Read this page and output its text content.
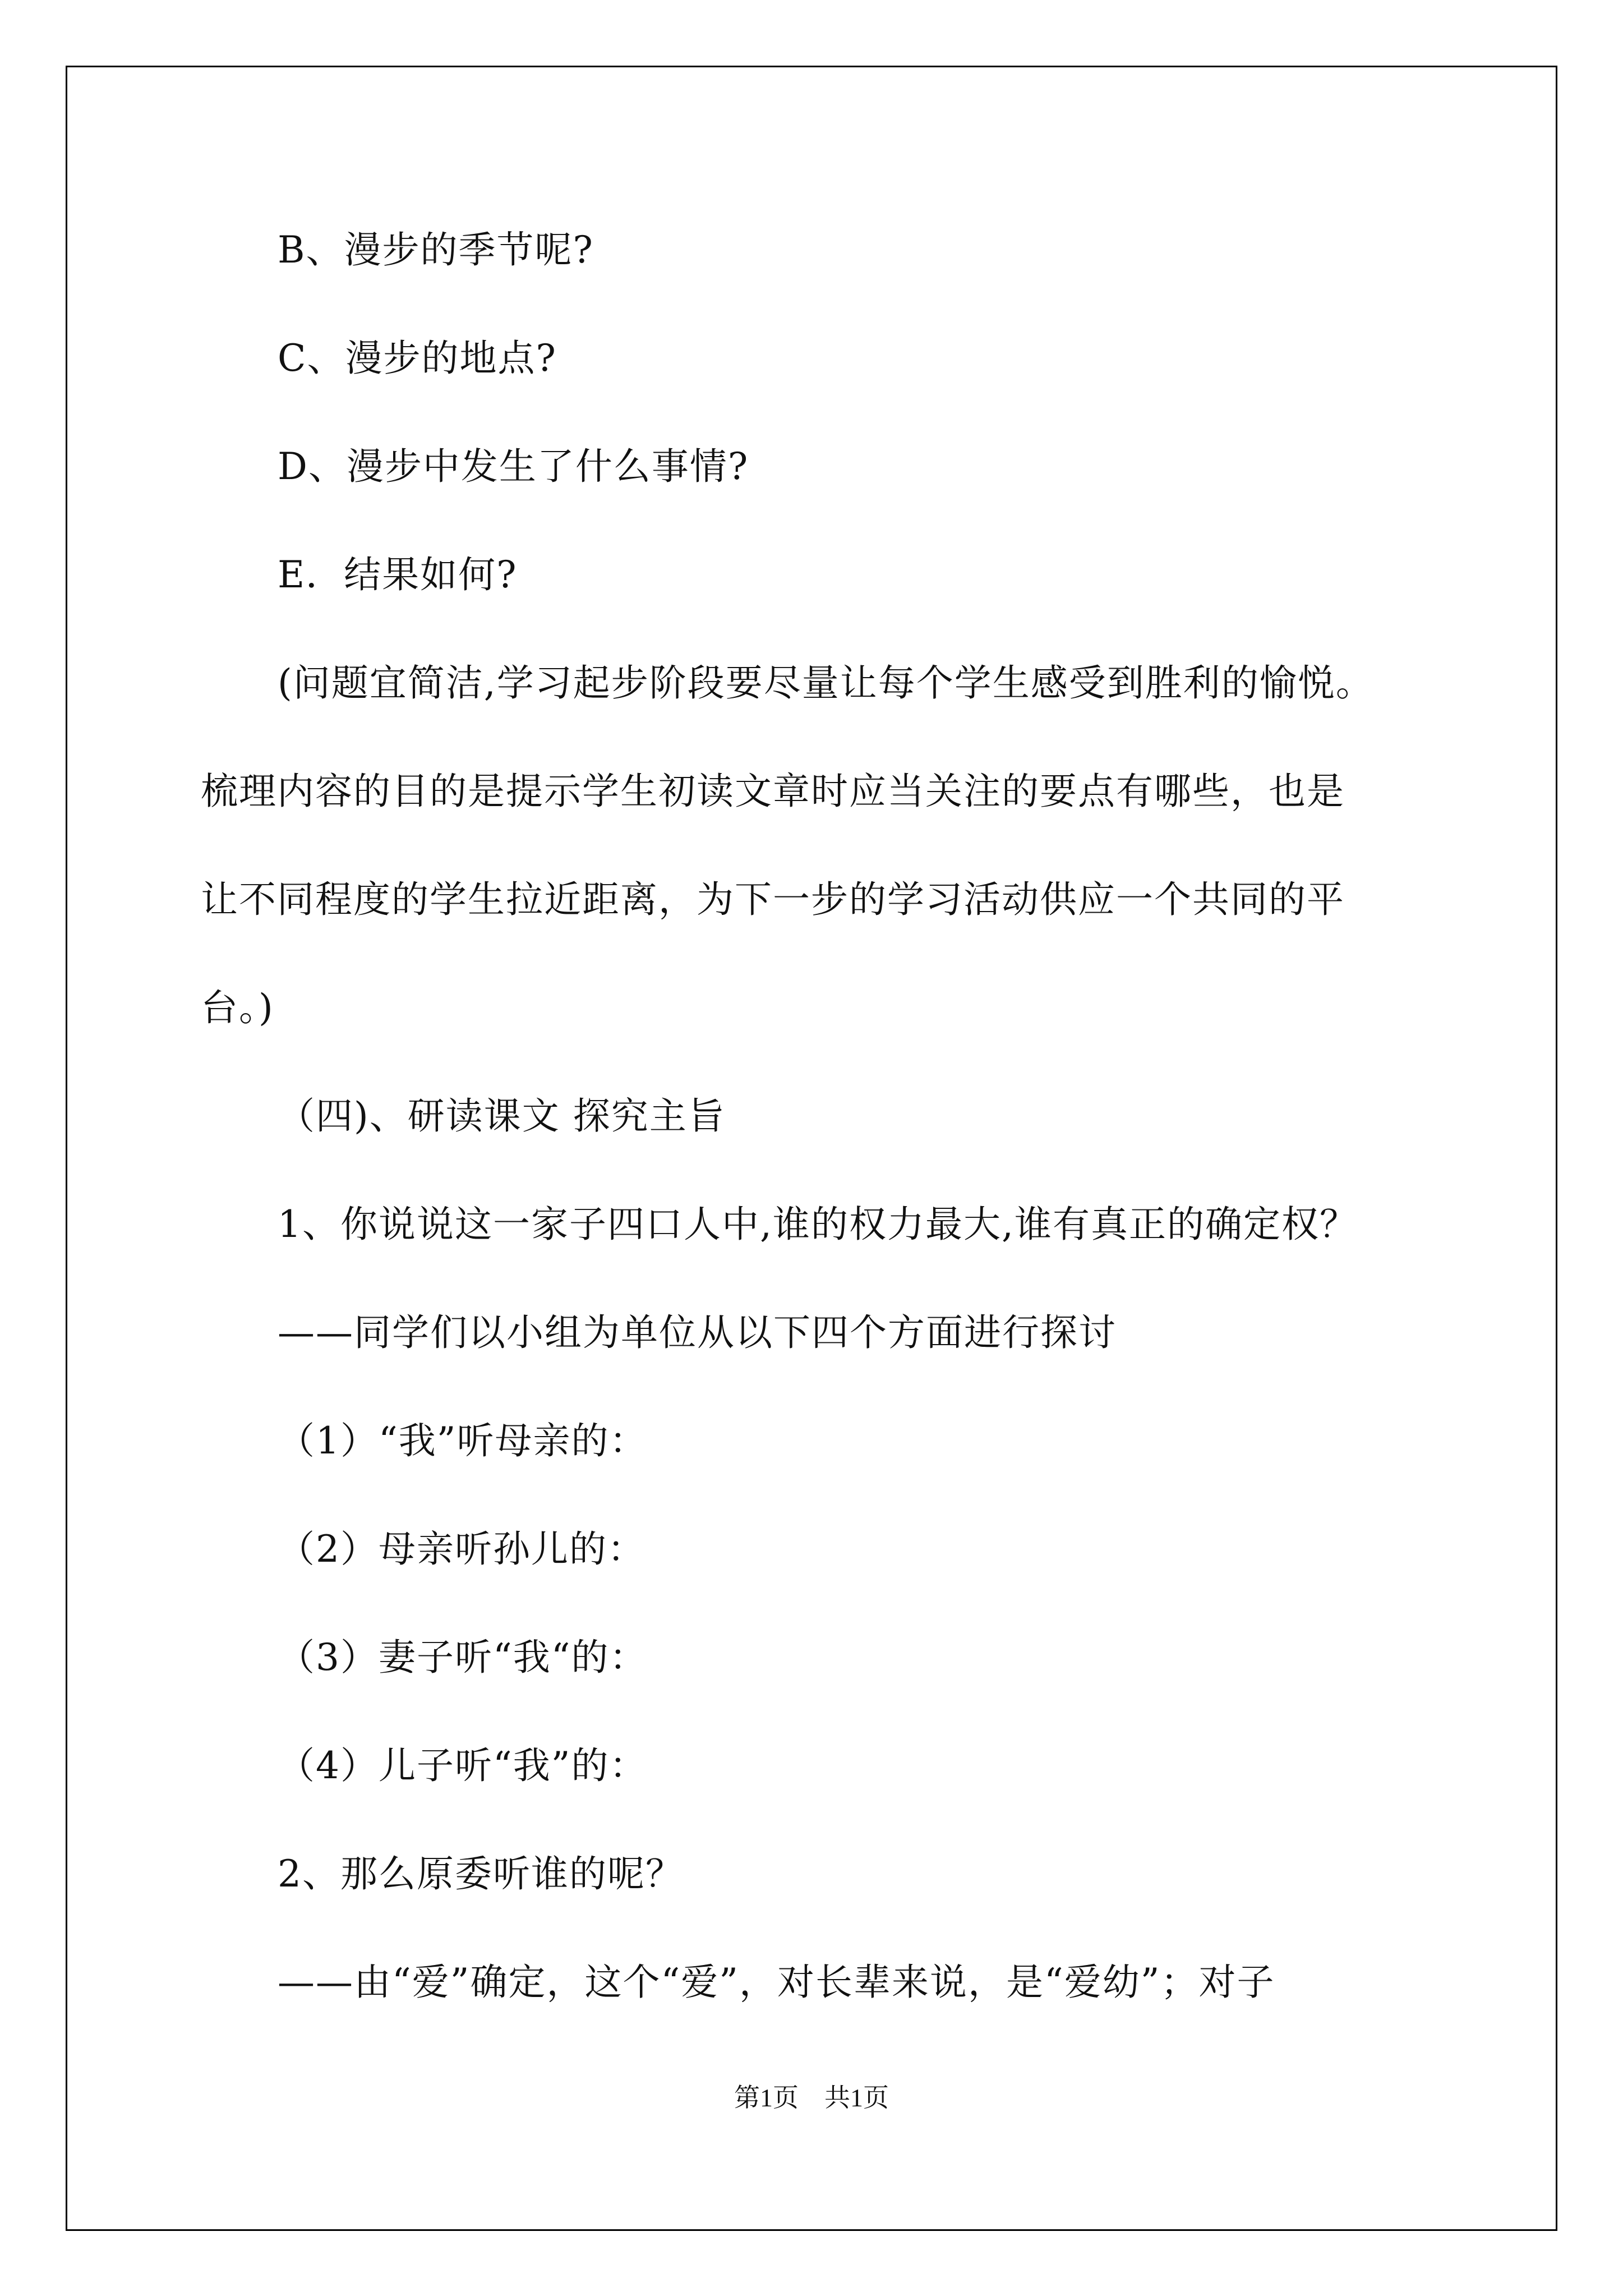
B、漫步的季节呢?
C、漫步的地点?
D、漫步中发生了什么事情?
E．结果如何?
(问题宜简洁,学习起步阶段要尽量让每个学生感受到胜利的愉悦。
梳理内容的目的是提示学生初读文章时应当关注的要点有哪些，也是
让不同程度的学生拉近距离，为下一步的学习活动供应一个共同的平
台。)
（四)、研读课文 探究主旨
1、你说说这一家子四口人中,谁的权力最大,谁有真正的确定权？
——同学们以小组为单位从以下四个方面进行探讨
（1）“我”听母亲的：
（2）母亲听孙儿的：
（3）妻子听“我“的：
（4）儿子听“我”的：
2、那么原委听谁的呢？
——由“爱”确定，这个“爱”，对长辈来说，是“爱幼”；对子
第1页　共1页
